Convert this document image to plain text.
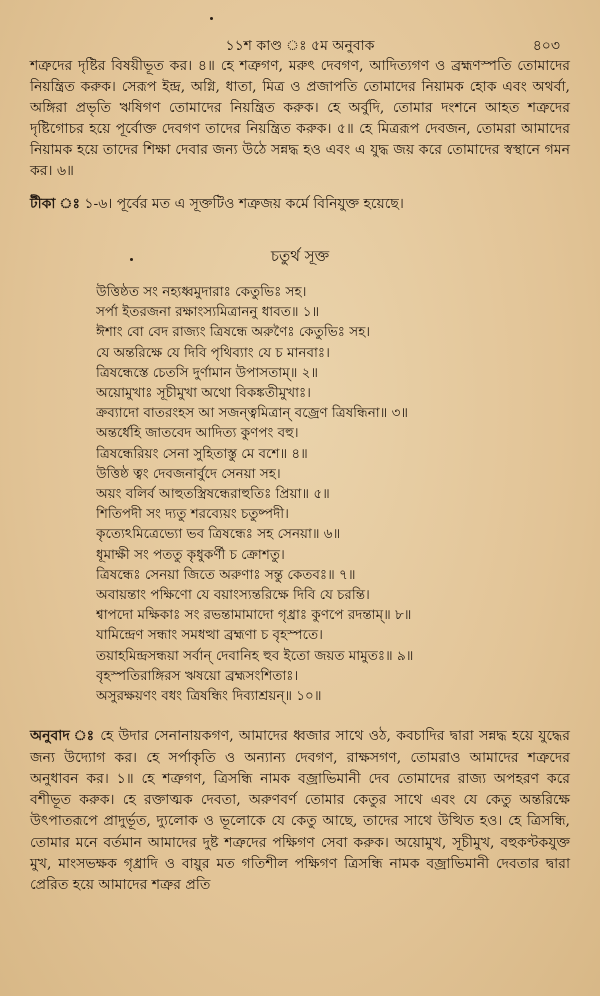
১১শ কাণ্ড ঃ ৫ম অনুবাক	৪০৩

শত্রুদের দৃষ্টির বিষয়ীভূত কর। ৪॥ হে শত্রুগণ, মরুৎ দেবগণ, আদিত্যগণ ও ব্রহ্মণস্পতি তোমাদের নিয়ন্ত্রিত করুক। সেরূপ ইন্দ্র, অগ্নি, ধাতা, মিত্র ও প্রজাপতি তোমাদের নিয়ামক হোক এবং অথর্বা, অঙ্গিরা প্রভৃতি ঋষিগণ তোমাদের নিয়ন্ত্রিত করুক। হে অর্বুদি, তোমার দংশনে আহত শত্রুদের দৃষ্টিগোচর হয়ে পূর্বোক্ত দেবগণ তাদের নিয়ন্ত্রিত করুক। ৫॥ হে মিত্ররূপ দেবজন, তোমরা আমাদের নিয়ামক হয়ে তাদের শিক্ষা দেবার জন্য উঠে সন্নদ্ধ হও এবং এ যুদ্ধ জয় করে তোমাদের স্বস্থানে গমন কর। ৬॥

টীকা ঃ ১-৬। পূর্বের মত এ সূক্তটিও শত্রুজয় কর্মে বিনিযুক্ত হয়েছে।

চতুর্থ সূক্ত
উত্তিষ্ঠত সং নহ্যধ্বমুদারাঃ কেতুভিঃ সহ।
সর্পা ইতরজনা রক্ষাংস্যমিত্রাননু ধাবত॥ ১॥
ঈশাং বো বেদ রাজ্যং ত্রিষন্ধে অরুণৈঃ কেতুভিঃ সহ।
যে অন্তরিক্ষে যে দিবি পৃথিব্যাং যে চ মানবাঃ।
ত্রিষন্ধেস্তে চেতসি দুর্ণামান উপাসতাম্॥ ২॥
অয়োমুখাঃ সূচীমুখা অথো বিকঙ্কতীমুখাঃ।
ক্রব্যাদো বাতরংহস আ সজন্ত্বমিত্রান্ বজ্রেণ ত্রিষন্ধিনা॥ ৩॥
অন্তর্ধেহি জাতবেদ আদিত্য কুণপং বহু।
ত্রিষন্ধেরিয়ং সেনা সুহিতাস্তু মে বশে॥ ৪॥
উত্তিষ্ঠ ত্বং দেবজনার্বুদে সেনয়া সহ।
অয়ং বলির্ব আহুতস্ত্রিষন্ধেরাহুতিঃ প্রিয়া॥ ৫॥
শিতিপদী সং দ্যতু শরব্যেয়ং চতুষ্পদী।
কৃত্যেঽমিত্রেভ্যো ভব ত্রিষন্ধেঃ সহ সেনয়া॥ ৬॥
ধূমাক্ষী সং পততু কৃধুকর্ণী চ ক্রোশতু।
ত্রিষন্ধেঃ সেনয়া জিতে অরুণাঃ সন্তু কেতবঃ॥ ৭॥
অবায়ন্তাং পক্ষিণো যে বয়াংস্যন্তরিক্ষে দিবি যে চরন্তি।
শ্বাপদো মক্ষিকাঃ সং রভন্তামামাদো গৃধ্রাঃ কুণপে রদন্তাম্॥ ৮॥
যামিন্দ্রেণ সন্ধাং সমধত্থা ব্রহ্মণা চ বৃহস্পতে।
তয়াহমিন্দ্রসন্ধয়া সর্বান্ দেবানিহ হুব ইতো জয়ত মামুতঃ॥ ৯॥
বৃহস্পতিরাঙ্গিরস ঋষয়ো ব্রহ্মসংশিতাঃ।
অসুরক্ষয়ণং বধং ত্রিষন্ধিং দিব্যাশ্রয়ন্॥ ১০॥

অনুবাদ ঃ হে উদার সেনানায়কগণ, আমাদের ধ্বজার সাথে ওঠ, কবচাদির দ্বারা সন্নদ্ধ হয়ে যুদ্ধের জন্য উদ্যোগ কর। হে সর্পাকৃতি ও অন্যান্য দেবগণ, রাক্ষসগণ, তোমরাও আমাদের শত্রুদের অনুধাবন কর। ১॥ হে শত্রুগণ, ত্রিসন্ধি নামক বজ্রাভিমানী দেব তোমাদের রাজ্য অপহরণ করে বশীভূত করুক। হে রক্তাত্মক দেবতা, অরুণবর্ণ তোমার কেতুর সাথে এবং যে কেতু অন্তরিক্ষে উৎপাতরূপে প্রাদুর্ভূত, দ্যুলোক ও ভূলোকে যে কেতু আছে, তাদের সাথে উত্থিত হও। হে ত্রিসন্ধি, তোমার মনে বর্তমান আমাদের দুষ্ট শত্রুদের পক্ষিগণ সেবা করুক। অয়োমুখ, সূচীমুখ, বহুকণ্টকযুক্ত মুখ, মাংসভক্ষক গৃধ্রাদি ও বায়ুর মত গতিশীল পক্ষিগণ ত্রিসন্ধি নামক বজ্রাভিমানী দেবতার দ্বারা প্রেরিত হয়ে আমাদের শত্রুর প্রতি
